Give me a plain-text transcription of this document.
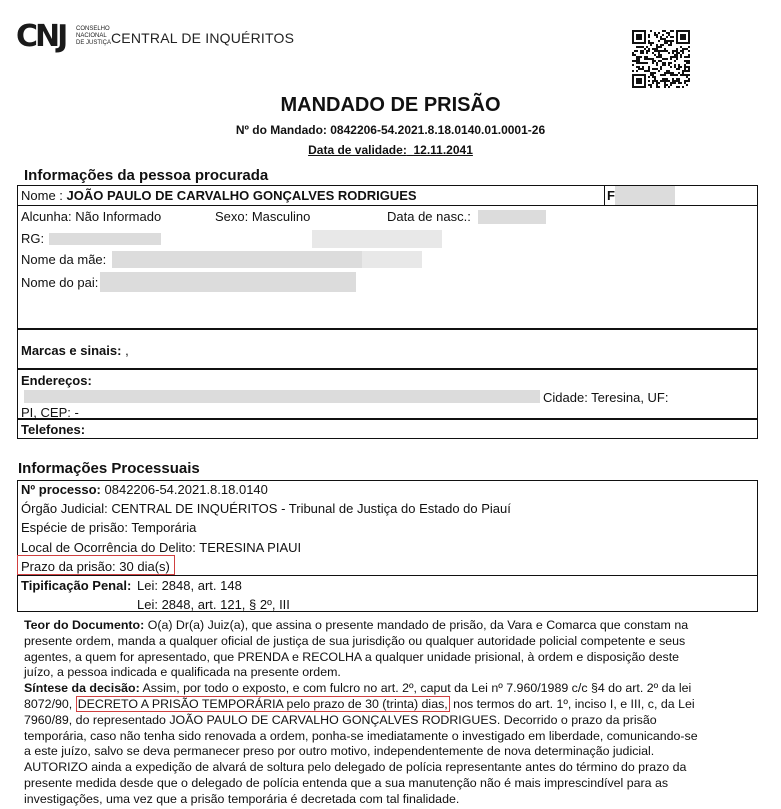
CNJ CONSELHO
NACIONAL
DE JUSTIÇA CENTRAL DE INQUÉRITOS
MANDADO DE PRISÃO
Nº do Mandado: 0842206-54.2021.8.18.0140.01.0001-26
Data de validade: 12.11.2041
Informações da pessoa procurada
Nome : JOÃO PAULO DE CARVALHO GONÇALVES RODRIGUES	F
Alcunha: Não Informado	Sexo: Masculino	Data de nasc.:
RG:
Nome da mãe:
Nome do pai:
Marcas e sinais: ,
Endereços:
Cidade: Teresina, UF:
PI, CEP: -
Telefones:
Informações Processuais
Nº processo: 0842206-54.2021.8.18.0140
Órgão Judicial: CENTRAL DE INQUÉRITOS - Tribunal de Justiça do Estado do Piauí
Espécie de prisão: Temporária
Local de Ocorrência do Delito: TERESINA PIAUI
Prazo da prisão: 30 dia(s)
Tipificação Penal: Lei: 2848, art. 148
Lei: 2848, art. 121, § 2º, III
Teor do Documento: O(a) Dr(a) Juiz(a), que assina o presente mandado de prisão, da Vara e Comarca que constam na
presente ordem, manda a qualquer oficial de justiça de sua jurisdição ou qualquer autoridade policial competente e seus
agentes, a quem for apresentado, que PRENDA e RECOLHA a qualquer unidade prisional, à ordem e disposição deste
juízo, a pessoa indicada e qualificada na presente ordem.
Síntese da decisão: Assim, por todo o exposto, e com fulcro no art. 2º, caput da Lei nº 7.960/1989 c/c §4 do art. 2º da lei
8072/90, DECRETO A PRISÃO TEMPORÁRIA pelo prazo de 30 (trinta) dias, nos termos do art. 1º, inciso I, e III, c, da Lei
7960/89, do representado JOÃO PAULO DE CARVALHO GONÇALVES RODRIGUES. Decorrido o prazo da prisão
temporária, caso não tenha sido renovada a ordem, ponha-se imediatamente o investigado em liberdade, comunicando-se
a este juízo, salvo se deva permanecer preso por outro motivo, independentemente de nova determinação judicial.
AUTORIZO ainda a expedição de alvará de soltura pelo delegado de polícia representante antes do término do prazo da
presente medida desde que o delegado de polícia entenda que a sua manutenção não é mais imprescindível para as
investigações, uma vez que a prisão temporária é decretada com tal finalidade.
